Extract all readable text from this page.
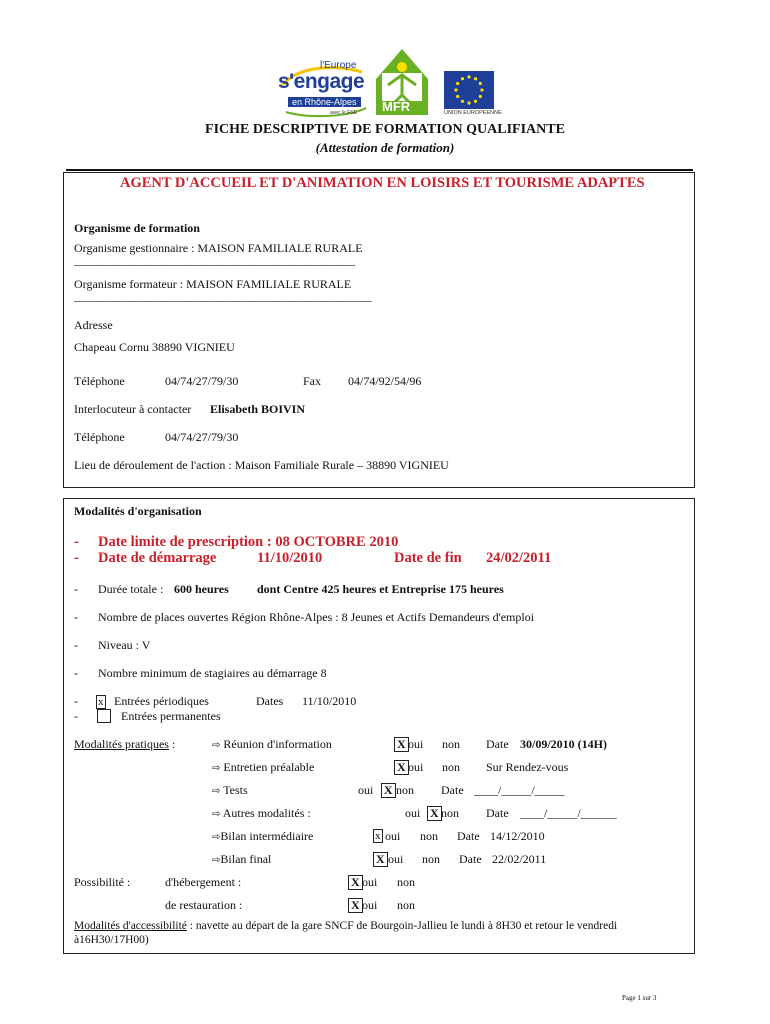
l'Europe
s'engage
en Rhône-Alpes
avec le FSE MFR	UNION EUROPÉENNE
FICHE DESCRIPTIVE DE FORMATION QUALIFIANTE
(Attestation de formation)
AGENT D'ACCUEIL ET D'ANIMATION EN LOISIRS ET TOURISME ADAPTES
Organisme de formation
Organisme gestionnaire : MAISON FAMILIALE RURALE
___________________________________________________
Organisme formateur : MAISON FAMILIALE RURALE
______________________________________________________
Adresse
Chapeau Cornu 38890 VIGNIEU
Téléphone	04/74/27/79/30	Fax 04/74/92/54/96
Interlocuteur à contacter Elisabeth BOIVIN
Téléphone	04/74/27/79/30
Lieu de déroulement de l'action : Maison Familiale Rurale – 38890 VIGNIEU
Modalités d'organisation
- Date limite de prescription : 08 OCTOBRE 2010
- Date de démarrage	11/10/2010	Date de fin 24/02/2011
- Durée totale : 600 heures dont Centre 425 heures et Entreprise 175 heures
- Nombre de places ouvertes Région Rhône-Alpes : 8 Jeunes et Actifs Demandeurs d'emploi
- Niveau : V
- Nombre minimum de stagiaires au démarrage 8
- x Entrées périodiques	Dates 11/10/2010
-	Entrées permanentes
Modalités pratiques :	⇨ Réunion d'information	X oui non Date 30/09/2010 (14H)
⇨ Entretien préalable	X oui non Sur Rendez-vous
⇨ Tests	oui X non Date ____/_____/_____
⇨ Autres modalités :	oui X non Date ____/_____/______
⇨Bilan intermédiaire	x oui non Date 14/12/2010
⇨Bilan final	X oui non Date 22/02/2011
Possibilité :	d'hébergement :	X oui non
de restauration :	X oui non
Modalités d'accessibilité : navette au départ de la gare SNCF de Bourgoin-Jallieu le lundi à 8H30 et retour le vendredi
à16H30/17H00)
Page 1 sur 3
